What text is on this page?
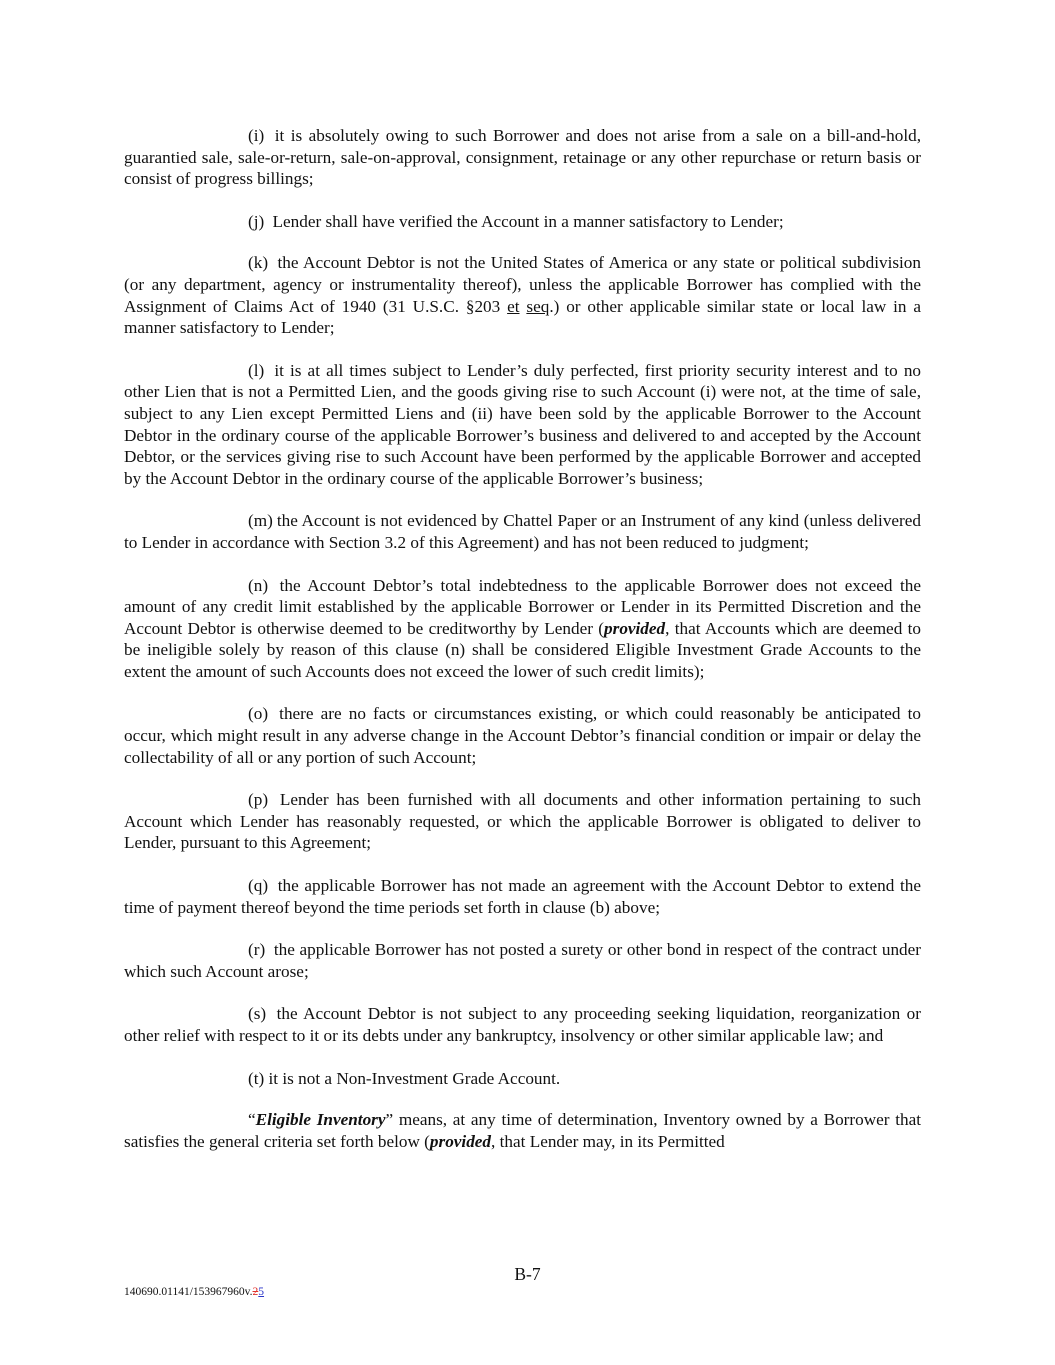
(i) it is absolutely owing to such Borrower and does not arise from a sale on a bill-and-hold, guarantied sale, sale-or-return, sale-on-approval, consignment, retainage or any other repurchase or return basis or consist of progress billings;

(j) Lender shall have verified the Account in a manner satisfactory to Lender;

(k) the Account Debtor is not the United States of America or any state or political subdivision (or any department, agency or instrumentality thereof), unless the applicable Borrower has complied with the Assignment of Claims Act of 1940 (31 U.S.C. §203 et seq.) or other applicable similar state or local law in a manner satisfactory to Lender;

(l) it is at all times subject to Lender’s duly perfected, first priority security interest and to no other Lien that is not a Permitted Lien, and the goods giving rise to such Account (i) were not, at the time of sale, subject to any Lien except Permitted Liens and (ii) have been sold by the applicable Borrower to the Account Debtor in the ordinary course of the applicable Borrower’s business and delivered to and accepted by the Account Debtor, or the services giving rise to such Account have been performed by the applicable Borrower and accepted by the Account Debtor in the ordinary course of the applicable Borrower’s business;

(m) the Account is not evidenced by Chattel Paper or an Instrument of any kind (unless delivered to Lender in accordance with Section 3.2 of this Agreement) and has not been reduced to judgment;

(n) the Account Debtor’s total indebtedness to the applicable Borrower does not exceed the amount of any credit limit established by the applicable Borrower or Lender in its Permitted Discretion and the Account Debtor is otherwise deemed to be creditworthy by Lender (provided, that Accounts which are deemed to be ineligible solely by reason of this clause (n) shall be considered Eligible Investment Grade Accounts to the extent the amount of such Accounts does not exceed the lower of such credit limits);

(o) there are no facts or circumstances existing, or which could reasonably be anticipated to occur, which might result in any adverse change in the Account Debtor’s financial condition or impair or delay the collectability of all or any portion of such Account;

(p) Lender has been furnished with all documents and other information pertaining to such Account which Lender has reasonably requested, or which the applicable Borrower is obligated to deliver to Lender, pursuant to this Agreement;

(q) the applicable Borrower has not made an agreement with the Account Debtor to extend the time of payment thereof beyond the time periods set forth in clause (b) above;

(r) the applicable Borrower has not posted a surety or other bond in respect of the contract under which such Account arose;

(s) the Account Debtor is not subject to any proceeding seeking liquidation, reorganization or other relief with respect to it or its debts under any bankruptcy, insolvency or other similar applicable law; and

(t) it is not a Non-Investment Grade Account.

“Eligible Inventory” means, at any time of determination, Inventory owned by a Borrower that satisfies the general criteria set forth below (provided, that Lender may, in its Permitted

B-7
140690.01141/153967960v.25
